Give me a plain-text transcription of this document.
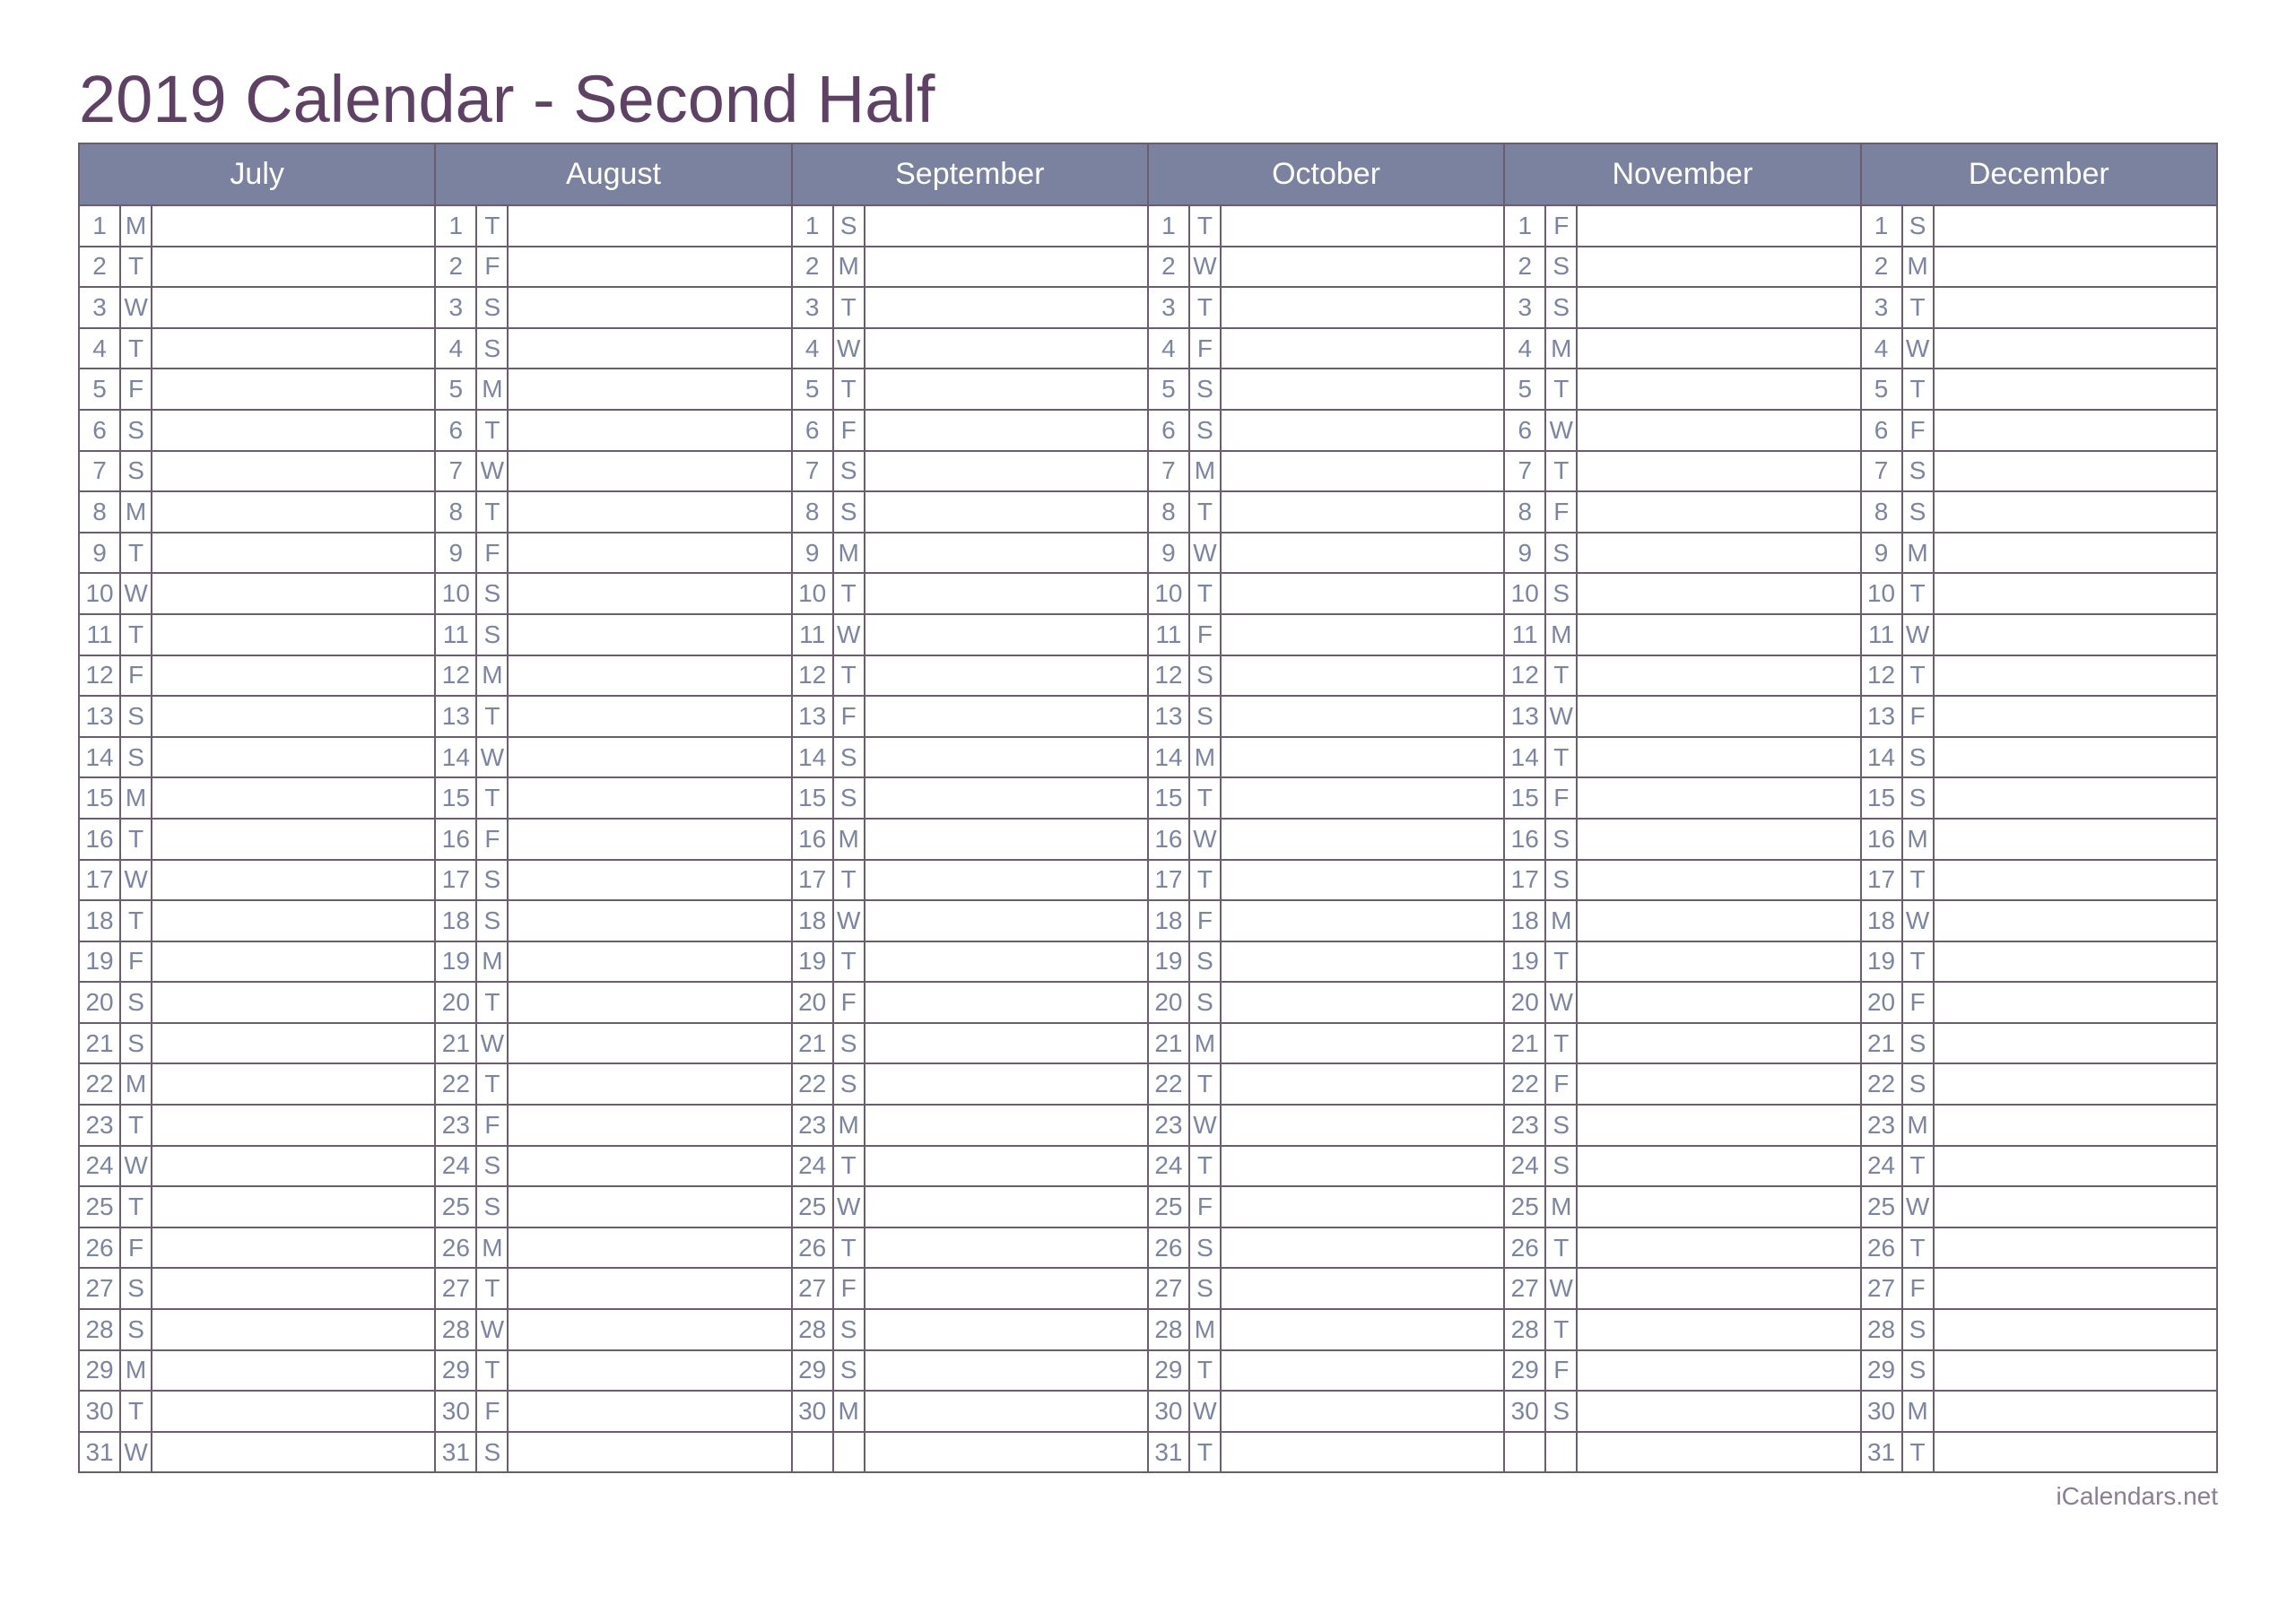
2019 Calendar - Second Half
July			August			September			October			November			December		
1	M		1	T		1	S		1	T		1	F		1	S	
2	T		2	F		2	M		2	W		2	S		2	M	
3	W		3	S		3	T		3	T		3	S		3	T	
4	T		4	S		4	W		4	F		4	M		4	W	
5	F		5	M		5	T		5	S		5	T		5	T	
6	S		6	T		6	F		6	S		6	W		6	F	
7	S		7	W		7	S		7	M		7	T		7	S	
8	M		8	T		8	S		8	T		8	F		8	S	
9	T		9	F		9	M		9	W		9	S		9	M	
10	W		10	S		10	T		10	T		10	S		10	T	
11	T		11	S		11	W		11	F		11	M		11	W	
12	F		12	M		12	T		12	S		12	T		12	T	
13	S		13	T		13	F		13	S		13	W		13	F	
14	S		14	W		14	S		14	M		14	T		14	S	
15	M		15	T		15	S		15	T		15	F		15	S	
16	T		16	F		16	M		16	W		16	S		16	M	
17	W		17	S		17	T		17	T		17	S		17	T	
18	T		18	S		18	W		18	F		18	M		18	W	
19	F		19	M		19	T		19	S		19	T		19	T	
20	S		20	T		20	F		20	S		20	W		20	F	
21	S		21	W		21	S		21	M		21	T		21	S	
22	M		22	T		22	S		22	T		22	F		22	S	
23	T		23	F		23	M		23	W		23	S		23	M	
24	W		24	S		24	T		24	T		24	S		24	T	
25	T		25	S		25	W		25	F		25	M		25	W	
26	F		26	M		26	T		26	S		26	T		26	T	
27	S		27	T		27	F		27	S		27	W		27	F	
28	S		28	W		28	S		28	M		28	T		28	S	
29	M		29	T		29	S		29	T		29	F		29	S	
30	T		30	F		30	M		30	W		30	S		30	M	
31	W		31	S					31	T					31	T	
iCalendars.net
